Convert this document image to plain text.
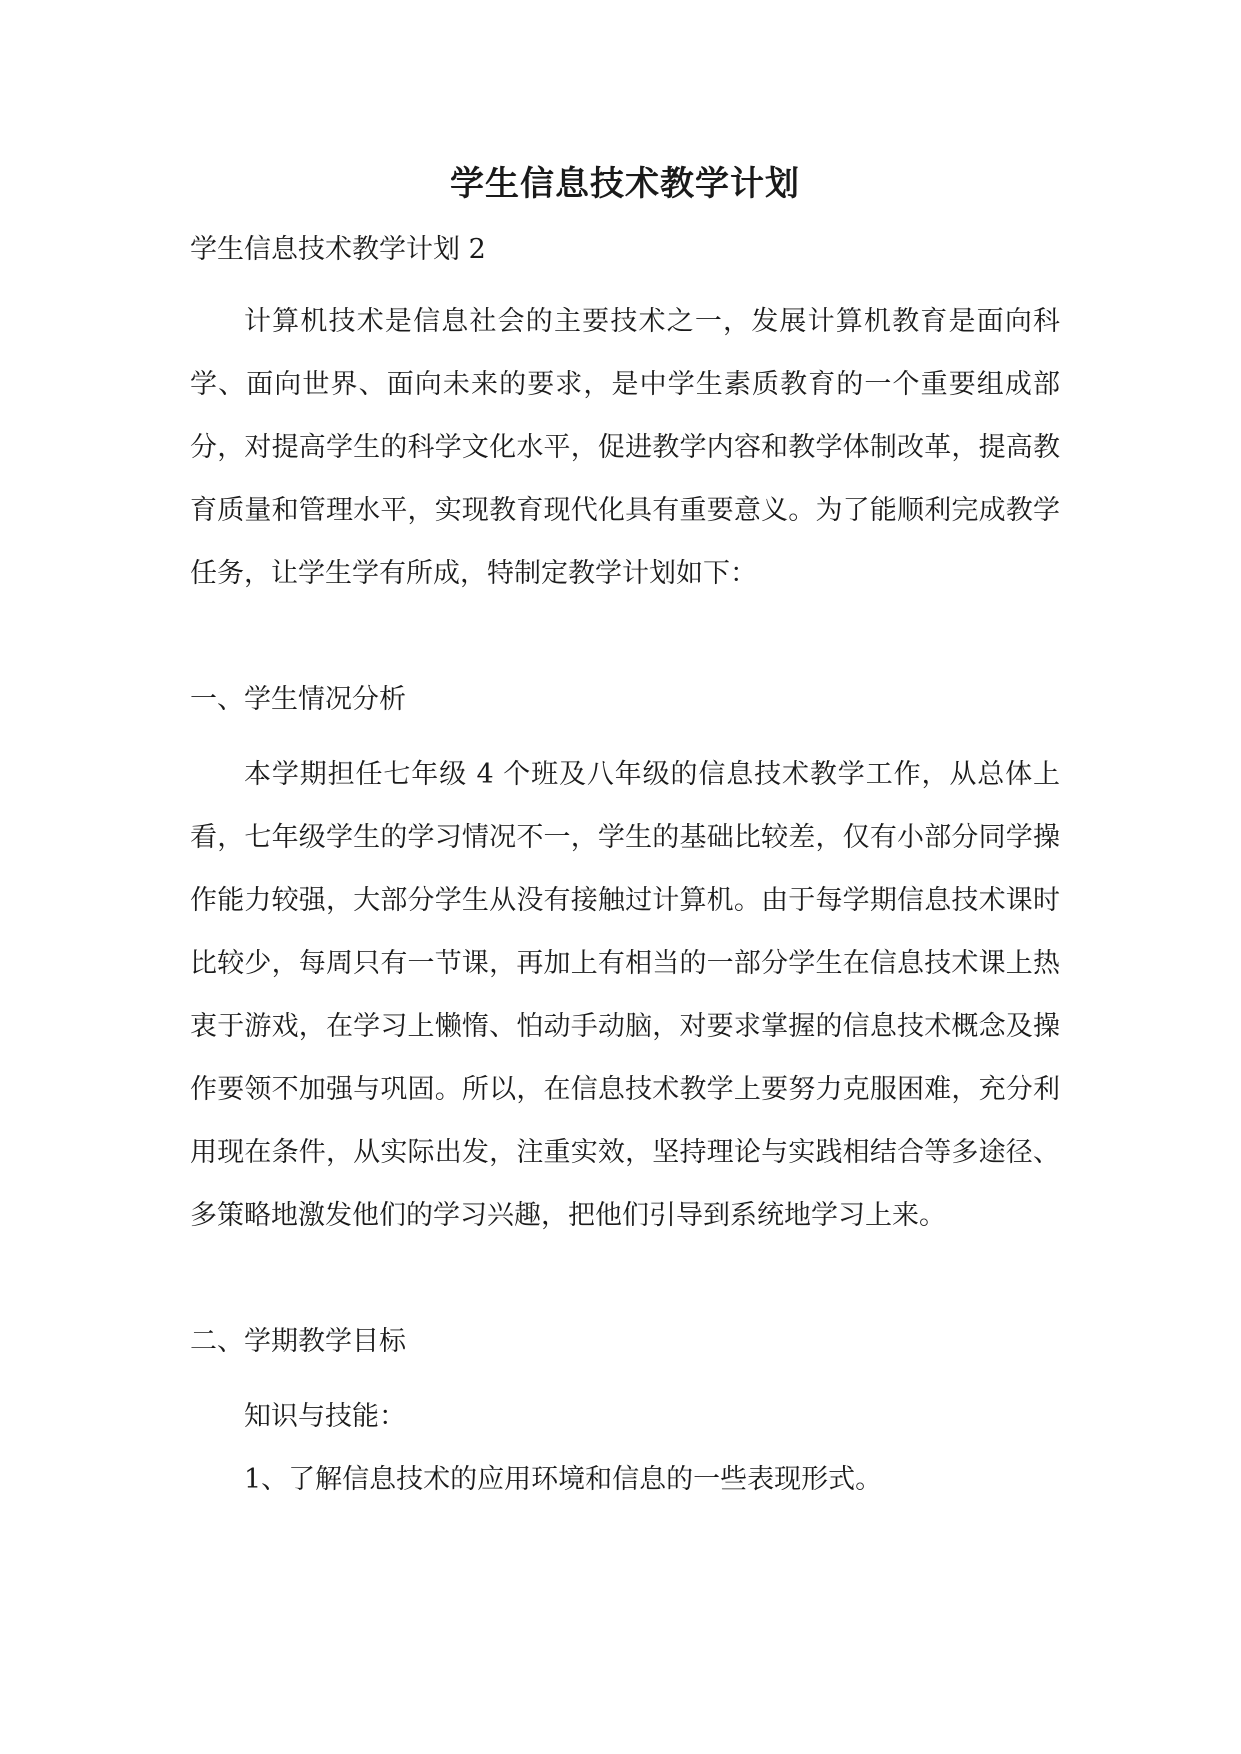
学生信息技术教学计划

学生信息技术教学计划 2

计算机技术是信息社会的主要技术之一，发展计算机教育是面向科学、面向世界、面向未来的要求，是中学生素质教育的一个重要组成部分，对提高学生的科学文化水平，促进教学内容和教学体制改革，提高教育质量和管理水平，实现教育现代化具有重要意义。为了能顺利完成教学任务，让学生学有所成，特制定教学计划如下：

一、学生情况分析

本学期担任七年级 4 个班及八年级的信息技术教学工作，从总体上看，七年级学生的学习情况不一，学生的基础比较差，仅有小部分同学操作能力较强，大部分学生从没有接触过计算机。由于每学期信息技术课时比较少，每周只有一节课，再加上有相当的一部分学生在信息技术课上热衷于游戏，在学习上懒惰、怕动手动脑，对要求掌握的信息技术概念及操作要领不加强与巩固。所以，在信息技术教学上要努力克服困难，充分利用现在条件，从实际出发，注重实效，坚持理论与实践相结合等多途径、多策略地激发他们的学习兴趣，把他们引导到系统地学习上来。

二、学期教学目标

知识与技能：

1、了解信息技术的应用环境和信息的一些表现形式。
